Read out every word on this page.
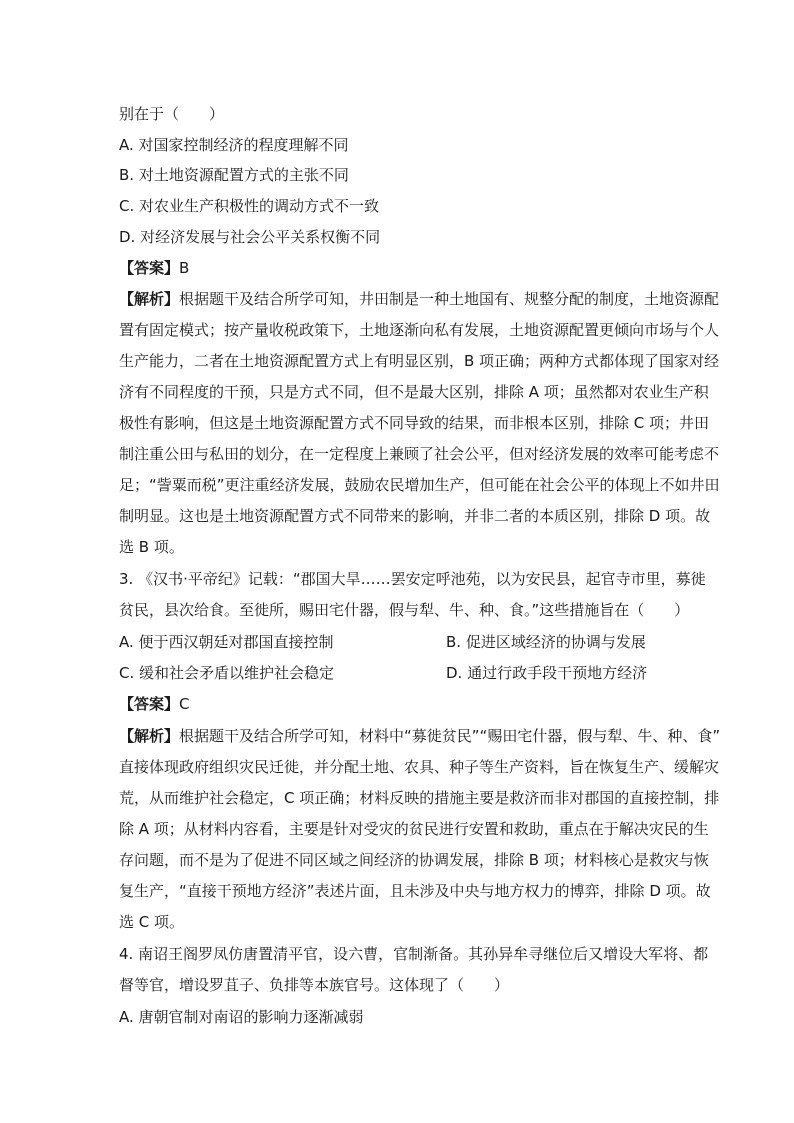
别在于（　　）
A. 对国家控制经济的程度理解不同
B. 对土地资源配置方式的主张不同
C. 对农业生产积极性的调动方式不一致
D. 对经济发展与社会公平关系权衡不同
【答案】B
【解析】根据题干及结合所学可知，井田制是一种土地国有、规整分配的制度，土地资源配
置有固定模式；按产量收税政策下，土地逐渐向私有发展，土地资源配置更倾向市场与个人
生产能力，二者在土地资源配置方式上有明显区别，B 项正确；两种方式都体现了国家对经
济有不同程度的干预，只是方式不同，但不是最大区别，排除 A 项；虽然都对农业生产积
极性有影响，但这是土地资源配置方式不同导致的结果，而非根本区别，排除 C 项；井田
制注重公田与私田的划分，在一定程度上兼顾了社会公平，但对经济发展的效率可能考虑不
足；“訾粟而税”更注重经济发展，鼓励农民增加生产，但可能在社会公平的体现上不如井田
制明显。这也是土地资源配置方式不同带来的影响，并非二者的本质区别，排除 D 项。故
选 B 项。
3. 《汉书·平帝纪》记载：“郡国大旱……罢安定呼池苑，以为安民县，起官寺市里，募徙
贫民，县次给食。至徙所，赐田宅什器，假与犁、牛、种、食。”这些措施旨在（　　）
A. 便于西汉朝廷对郡国直接控制	B. 促进区域经济的协调与发展
C. 缓和社会矛盾以维护社会稳定	D. 通过行政手段干预地方经济
【答案】C
【解析】根据题干及结合所学可知，材料中“募徙贫民”“赐田宅什器，假与犁、牛、种、食”
直接体现政府组织灾民迁徙，并分配土地、农具、种子等生产资料，旨在恢复生产、缓解灾
荒，从而维护社会稳定，C 项正确；材料反映的措施主要是救济而非对郡国的直接控制，排
除 A 项；从材料内容看，主要是针对受灾的贫民进行安置和救助，重点在于解决灾民的生
存问题，而不是为了促进不同区域之间经济的协调发展，排除 B 项；材料核心是救灾与恢
复生产，“直接干预地方经济”表述片面，且未涉及中央与地方权力的博弈，排除 D 项。故
选 C 项。
4. 南诏王阁罗凤仿唐置清平官，设六曹，官制渐备。其孙异牟寻继位后又增设大军将、都
督等官，增设罗苴子、负排等本族官号。这体现了（　　）
A. 唐朝官制对南诏的影响力逐渐减弱
